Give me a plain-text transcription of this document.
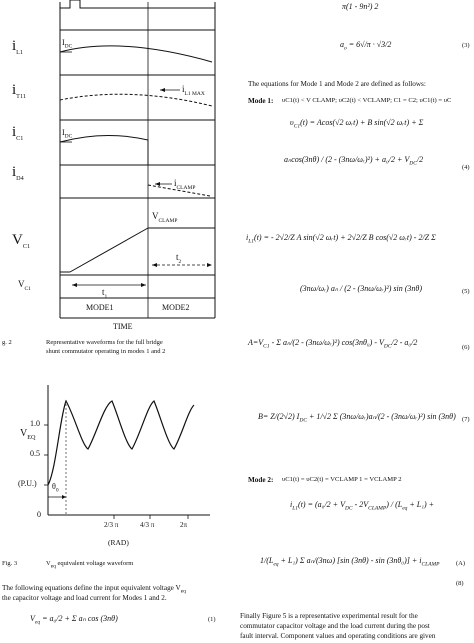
$i_{L1}$
$i_{T11}$
$i_{C1}$
$i_{D4}$
$V_{C1}$
$I_{DC}$
$I_{DC}$
$i_{L1 MAX}$
$i_{CLAMP}$
$V_{CLAMP}$
$V_{C1}$	$t_1$
$t_2$
MODE1	MODE2
TIME
g. 2	Representative waveforms for the full bridge
shunt commutator operating in modes 1 and 2
$V_{EQ}$
1.0
0.5
0
(P.U.) $\theta_0$
2/3 π	4/3 π	2π
(RAD)
Fig. 3	$V_{eq}$ equivalent voltage waveform
The following equations define the input equivalent voltage $V_{eq}$
the capacitor voltage and load current for Modes 1 and 2.
$V_{eq} = a_0/2 + \Sigma$ aₙ cos (3nθ)	(1)
π(1 - 9n²) 2
$a_o = 6√/\pi \cdot √3/2$	(3)
The equations for Mode 1 and Mode 2 are defined as follows:
Mode 1: υC1(t) < V CLAMP; υC2(t) < VCLAMP; C1 = C2; υC1(t) = υC
$\upsilon_{C1}(t) = Acos(√2$ ωᵣt) + B sin(√2 ωᵣt) + Σ
aₙcos(3nθ) / (2 - (3nω/ωᵣ)²) + $a_0/2 + V_{DC}/2$
(4)
$i_{L1}(t)$ = - 2√2/Z A sin(√2 ωᵣt) + 2√2/Z B cos(√2 ωᵣt) - 2/Z Σ
(3nω/ωᵣ) aₙ / (2 - (3nω/ωᵣ)²) sin (3nθ)	(5)
$A=V_{C1} - \Sigma$ aₙ/(2 - (3nω/ωᵣ)²) $\cos(3n\theta_0) - V_{DC}/2 - a_0/2$
(6)
B= Z/(2√2) $I_{DC} + 1/√2$ Σ (3nω/ωᵣ)aₙ/(2 - (3nω/ωᵣ)²) sin (3nθ) (7)
Mode 2: υC1(t) = υC2(t) = VCLAMP 1 = VCLAMP 2
$i_{L1}(t) = (a_0/2 + V_{DC} - 2V_{CLAMP}) / (L_{eq} + L_1)$ +
$1/(L_{eq} + L_1)$ Σ aₙ/(3nω) [sin $(3n\theta) - \sin (3n\theta_0)] + i_{CLAMP}$	(A)
(8)
Finally Figure 5 is a representative experimental result for the
commutator capacitor voltage and the load current during the post
fault interval. Component values and operating conditions are given
